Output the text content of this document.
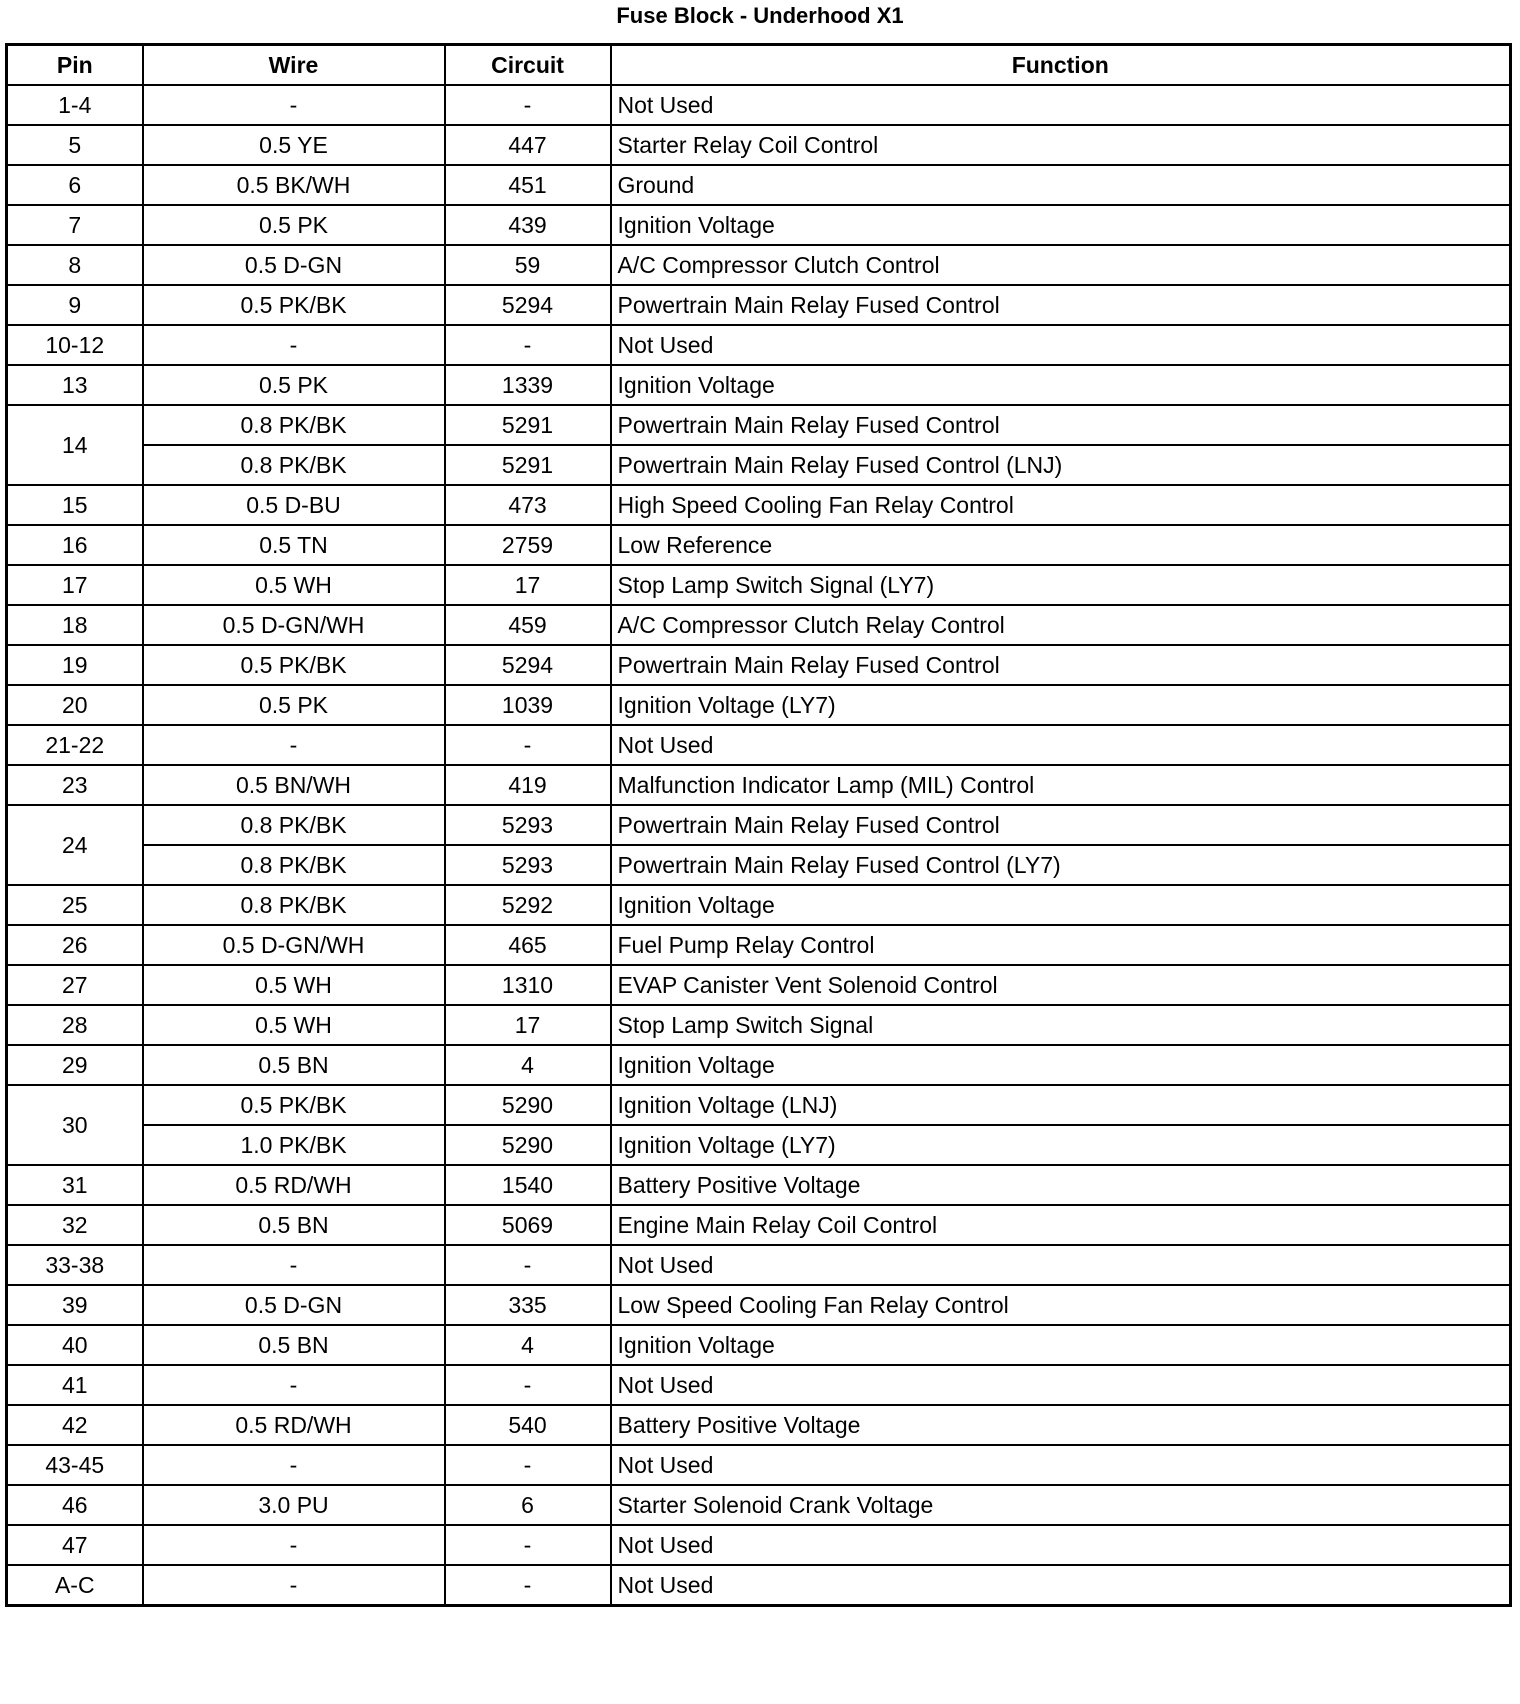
Fuse Block - Underhood X1
Pin	Wire	Circuit	Function
1-4	-	-	Not Used
5	0.5 YE	447	Starter Relay Coil Control
6	0.5 BK/WH	451	Ground
7	0.5 PK	439	Ignition Voltage
8	0.5 D-GN	59	A/C Compressor Clutch Control
9	0.5 PK/BK	5294	Powertrain Main Relay Fused Control
10-12	-	-	Not Used
13	0.5 PK	1339	Ignition Voltage
14	0.8 PK/BK	5291	Powertrain Main Relay Fused Control
	0.8 PK/BK	5291	Powertrain Main Relay Fused Control (LNJ)
15	0.5 D-BU	473	High Speed Cooling Fan Relay Control
16	0.5 TN	2759	Low Reference
17	0.5 WH	17	Stop Lamp Switch Signal (LY7)
18	0.5 D-GN/WH	459	A/C Compressor Clutch Relay Control
19	0.5 PK/BK	5294	Powertrain Main Relay Fused Control
20	0.5 PK	1039	Ignition Voltage (LY7)
21-22	-	-	Not Used
23	0.5 BN/WH	419	Malfunction Indicator Lamp (MIL) Control
24	0.8 PK/BK	5293	Powertrain Main Relay Fused Control
	0.8 PK/BK	5293	Powertrain Main Relay Fused Control (LY7)
25	0.8 PK/BK	5292	Ignition Voltage
26	0.5 D-GN/WH	465	Fuel Pump Relay Control
27	0.5 WH	1310	EVAP Canister Vent Solenoid Control
28	0.5 WH	17	Stop Lamp Switch Signal
29	0.5 BN	4	Ignition Voltage
30	0.5 PK/BK	5290	Ignition Voltage (LNJ)
	1.0 PK/BK	5290	Ignition Voltage (LY7)
31	0.5 RD/WH	1540	Battery Positive Voltage
32	0.5 BN	5069	Engine Main Relay Coil Control
33-38	-	-	Not Used
39	0.5 D-GN	335	Low Speed Cooling Fan Relay Control
40	0.5 BN	4	Ignition Voltage
41	-	-	Not Used
42	0.5 RD/WH	540	Battery Positive Voltage
43-45	-	-	Not Used
46	3.0 PU	6	Starter Solenoid Crank Voltage
47	-	-	Not Used
A-C	-	-	Not Used
